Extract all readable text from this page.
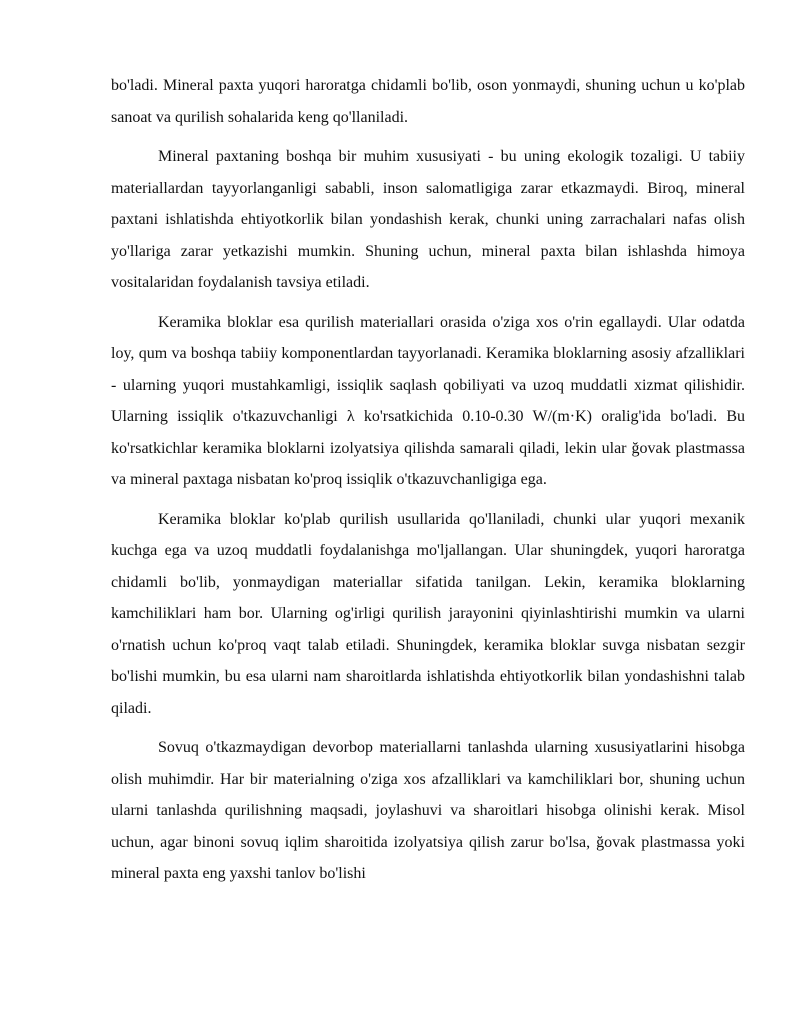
bo'ladi. Mineral paxta yuqori haroratga chidamli bo'lib, oson yonmaydi, shuning uchun u ko'plab sanoat va qurilish sohalarida keng qo'llaniladi.

Mineral paxtaning boshqa bir muhim xususiyati - bu uning ekologik tozaligi. U tabiiy materiallardan tayyorlanganligi sababli, inson salomatligiga zarar etkazmaydi. Biroq, mineral paxtani ishlatishda ehtiyotkorlik bilan yondashish kerak, chunki uning zarrachalari nafas olish yo'llariga zarar yetkazishi mumkin. Shuning uchun, mineral paxta bilan ishlashda himoya vositalaridan foydalanish tavsiya etiladi.

Keramika bloklar esa qurilish materiallari orasida o'ziga xos o'rin egallaydi. Ular odatda loy, qum va boshqa tabiiy komponentlardan tayyorlanadi. Keramika bloklarning asosiy afzalliklari - ularning yuqori mustahkamligi, issiqlik saqlash qobiliyati va uzoq muddatli xizmat qilishidir. Ularning issiqlik o'tkazuvchanligi λ ko'rsatkichida 0.10-0.30 W/(m·K) oralig'ida bo'ladi. Bu ko'rsatkichlar keramika bloklarni izolyatsiya qilishda samarali qiladi, lekin ular ğovak plastmassa va mineral paxtaga nisbatan ko'proq issiqlik o'tkazuvchanligiga ega.

Keramika bloklar ko'plab qurilish usullarida qo'llaniladi, chunki ular yuqori mexanik kuchga ega va uzoq muddatli foydalanishga mo'ljallangan. Ular shuningdek, yuqori haroratga chidamli bo'lib, yonmaydigan materiallar sifatida tanilgan. Lekin, keramika bloklarning kamchiliklari ham bor. Ularning og'irligi qurilish jarayonini qiyinlashtirishi mumkin va ularni o'rnatish uchun ko'proq vaqt talab etiladi. Shuningdek, keramika bloklar suvga nisbatan sezgir bo'lishi mumkin, bu esa ularni nam sharoitlarda ishlatishda ehtiyotkorlik bilan yondashishni talab qiladi.

Sovuq o'tkazmaydigan devorbop materiallarni tanlashda ularning xususiyatlarini hisobga olish muhimdir. Har bir materialning o'ziga xos afzalliklari va kamchiliklari bor, shuning uchun ularni tanlashda qurilishning maqsadi, joylashuvi va sharoitlari hisobga olinishi kerak. Misol uchun, agar binoni sovuq iqlim sharoitida izolyatsiya qilish zarur bo'lsa, ğovak plastmassa yoki mineral paxta eng yaxshi tanlov bo'lishi
